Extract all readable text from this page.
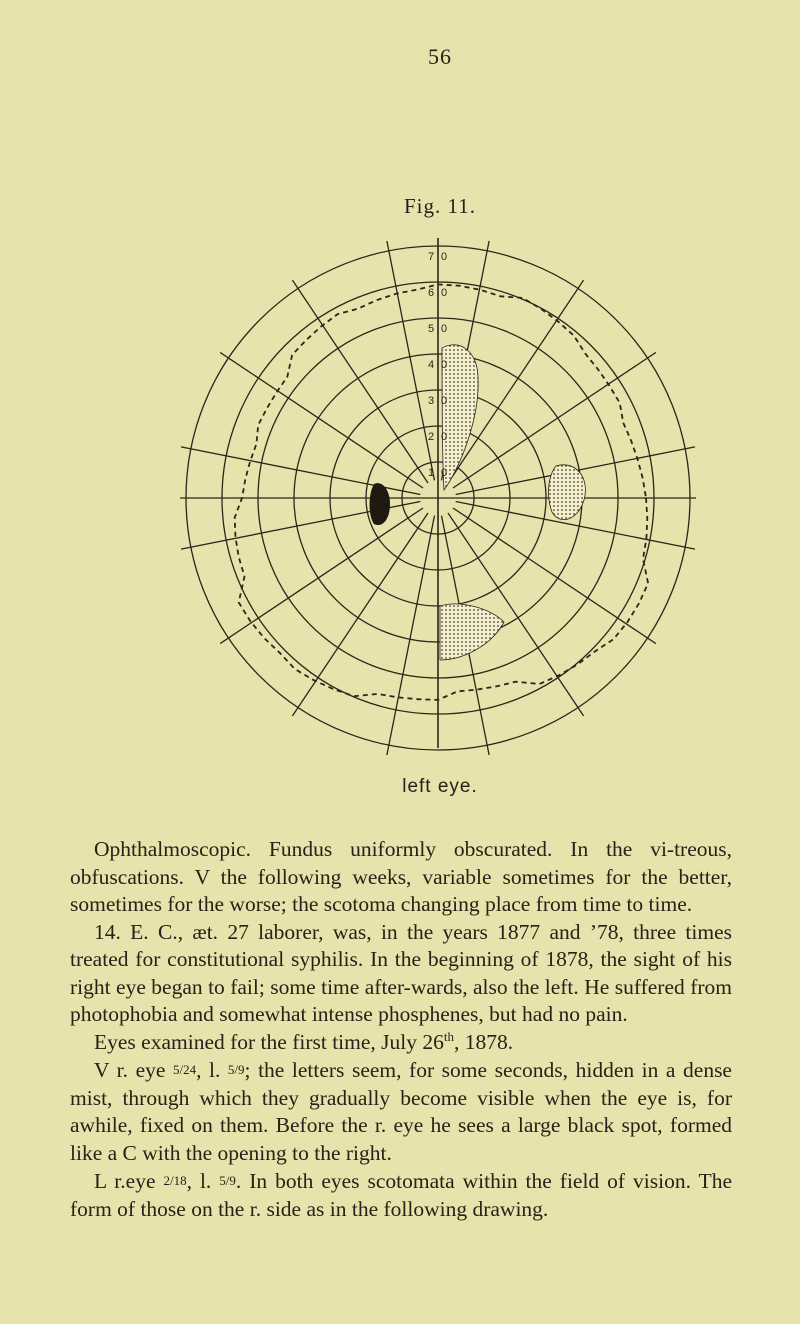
56
Fig. 11.
1 0
2 0
3 0
4 0
5 0
6 0
7 0
left eye.

Ophthalmoscopic. Fundus uniformly obscurated. In the vi-treous, obfuscations. V the following weeks, variable sometimes for the better, sometimes for the worse; the scotoma changing place from time to time.

14. E. C., æt. 27 laborer, was, in the years 1877 and ’78, three times treated for constitutional syphilis. In the beginning of 1878, the sight of his right eye began to fail; some time after-wards, also the left. He suffered from photophobia and somewhat intense phosphenes, but had no pain.

Eyes examined for the first time, July 26th, 1878.

V r. eye 5/24, l. 5/9; the letters seem, for some seconds, hidden in a dense mist, through which they gradually become visible when the eye is, for awhile, fixed on them. Before the r. eye he sees a large black spot, formed like a C with the opening to the right.

L r.eye 2/18, l. 5/9. In both eyes scotomata within the field of vision. The form of those on the r. side as in the following drawing.
